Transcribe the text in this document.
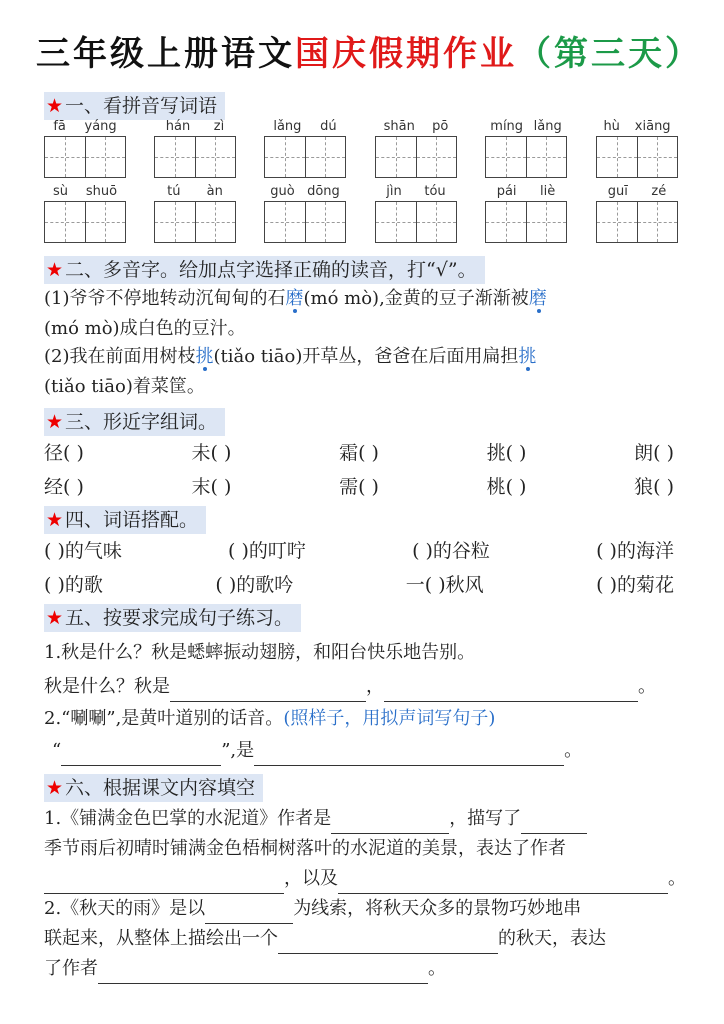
三年级上册语文国庆假期作业（第三天）
★ 一、看拼音写词语
fā yáng	hán zì	lǎng dú	shān pō	míng lǎng	hù xiāng
sù shuō	tú àn	guò dōng	jìn tóu	pái liè	guī zé
★ 二、多音字。给加点字选择正确的读音，打“√”。
(1)爷爷不停地转动沉甸甸的石磨(mó mò),金黄的豆子渐渐被磨
(mó mò)成白色的豆汁。
(2)我在前面用树枝挑(tiǎo tiāo)开草丛，爸爸在后面用扁担挑
(tiǎo tiāo)着菜筐。
★ 三、形近字组词。
径( )	未( )	霜( )	挑( )	朗( )
经( )	末( )	需( )	桃( )	狼( )
★ 四、词语搭配。
( )的气味	( )的叮咛	( )的谷粒	( )的海洋
( )的歌	( )的歌吟	一( )秋风	( )的菊花
★ 五、按要求完成句子练习。
1.秋是什么？秋是蟋蟀振动翅膀，和阳台快乐地告别。
秋是什么？秋是	，	。
2.“唰唰”,是黄叶道别的话音。(照样子，用拟声词写句子)
“	”,是	。
★ 六、根据课文内容填空
1.《铺满金色巴掌的水泥道》作者是	，描写了
季节雨后初晴时铺满金色梧桐树落叶的水泥道的美景，表达了作者
，以及	。
2.《秋天的雨》是以	为线索，将秋天众多的景物巧妙地串
联起来，从整体上描绘出一个	的秋天，表达
了作者	。
